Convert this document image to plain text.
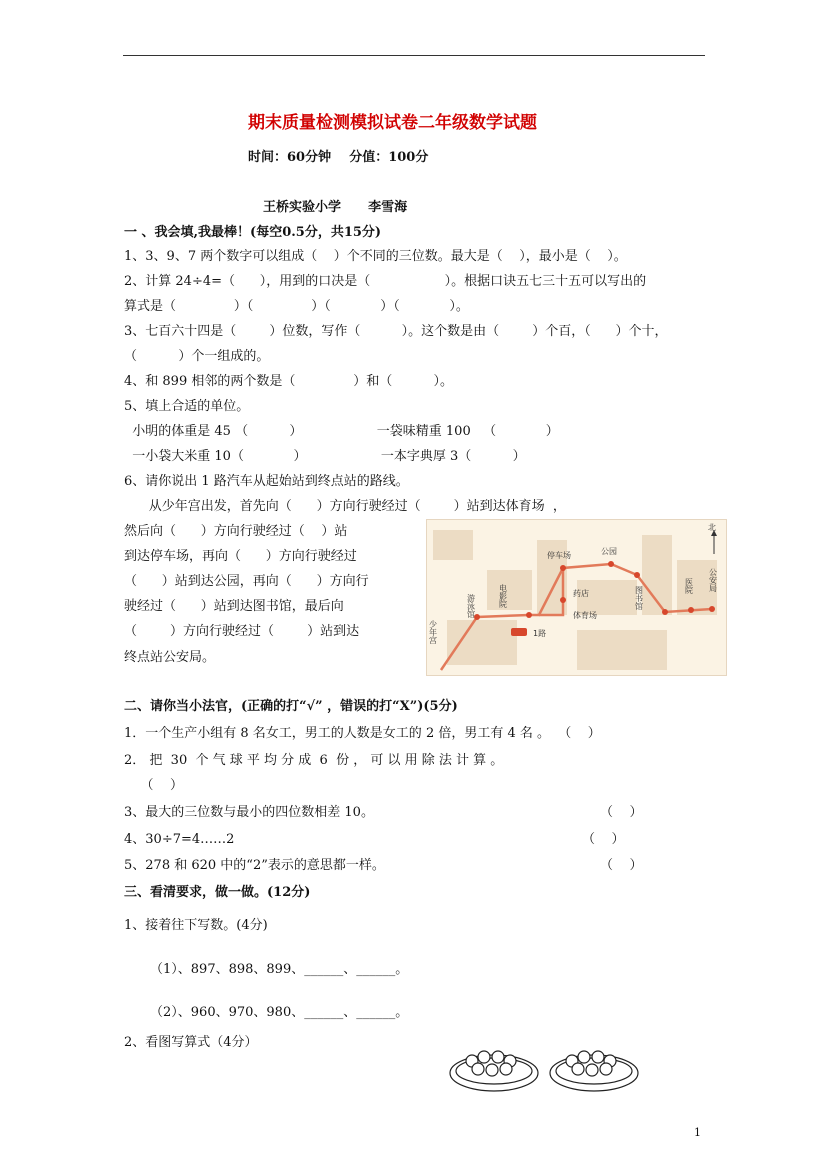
期末质量检测模拟试卷二年级数学试题
时间：60分钟    分值：100分
王桥实验小学      李雪海
一 、我会填,我最棒！(每空0.5分，共15分)
1、3、9、7 两个数字可以组成（    ）个不同的三位数。最大是（    ），最小是（    ）。
2、计算 24÷4=（      ），用到的口决是（                  ）。根据口诀五七三十五可以写出的
算式是（              ）（              ）（            ）（            ）。
3、七百六十四是（        ）位数，写作（          ）。这个数是由（        ）个百，（      ）个十，
（          ）个一组成的。
4、和 899 相邻的两个数是（              ）和（          ）。
5、填上合适的单位。
小明的体重是 45 （          ）                  一袋味精重 100   （            ）
一小袋大米重 10（            ）                  一本字典厚 3（          ）
6、请你说出 1 路汽车从起始站到终点站的路线。
从少年宫出发，首先向（      ）方向行驶经过（        ）站到达体育场  ，
然后向（      ）方向行驶经过（    ）站
到达停车场，再向（      ）方向行驶经过
（      ）站到达公园，再向（      ）方向行
驶经过（      ）站到达图书馆，最后向
（        ）方向行驶经过（        ）站到达
终点站公安局。
停车场	公园
北
游泳馆	电影院	药店	图书馆	医院 公安局
少年宫
体育场
1路
二、请你当小法官，(正确的打“√” ，错误的打“X”)(5分)
1．一个生产小组有 8 名女工，男工的人数是女工的 2 倍，男工有 4 名 。  （    ）
2． 把  30  个 气 球 平 均 分 成  6  份 ， 可 以 用 除 法 计 算 。
（    ）
3、最大的三位数与最小的四位数相差 10。	（    ）
4、30÷7=4……2	（    ）
5、278 和 620 中的“2”表示的意思都一样。	（    ）
三、看清要求，做一做。(12分)
1、接着往下写数。(4分)
（1）、897、898、899、______、______。
（2）、960、970、980、______、______。
2、看图写算式（4分）
1
